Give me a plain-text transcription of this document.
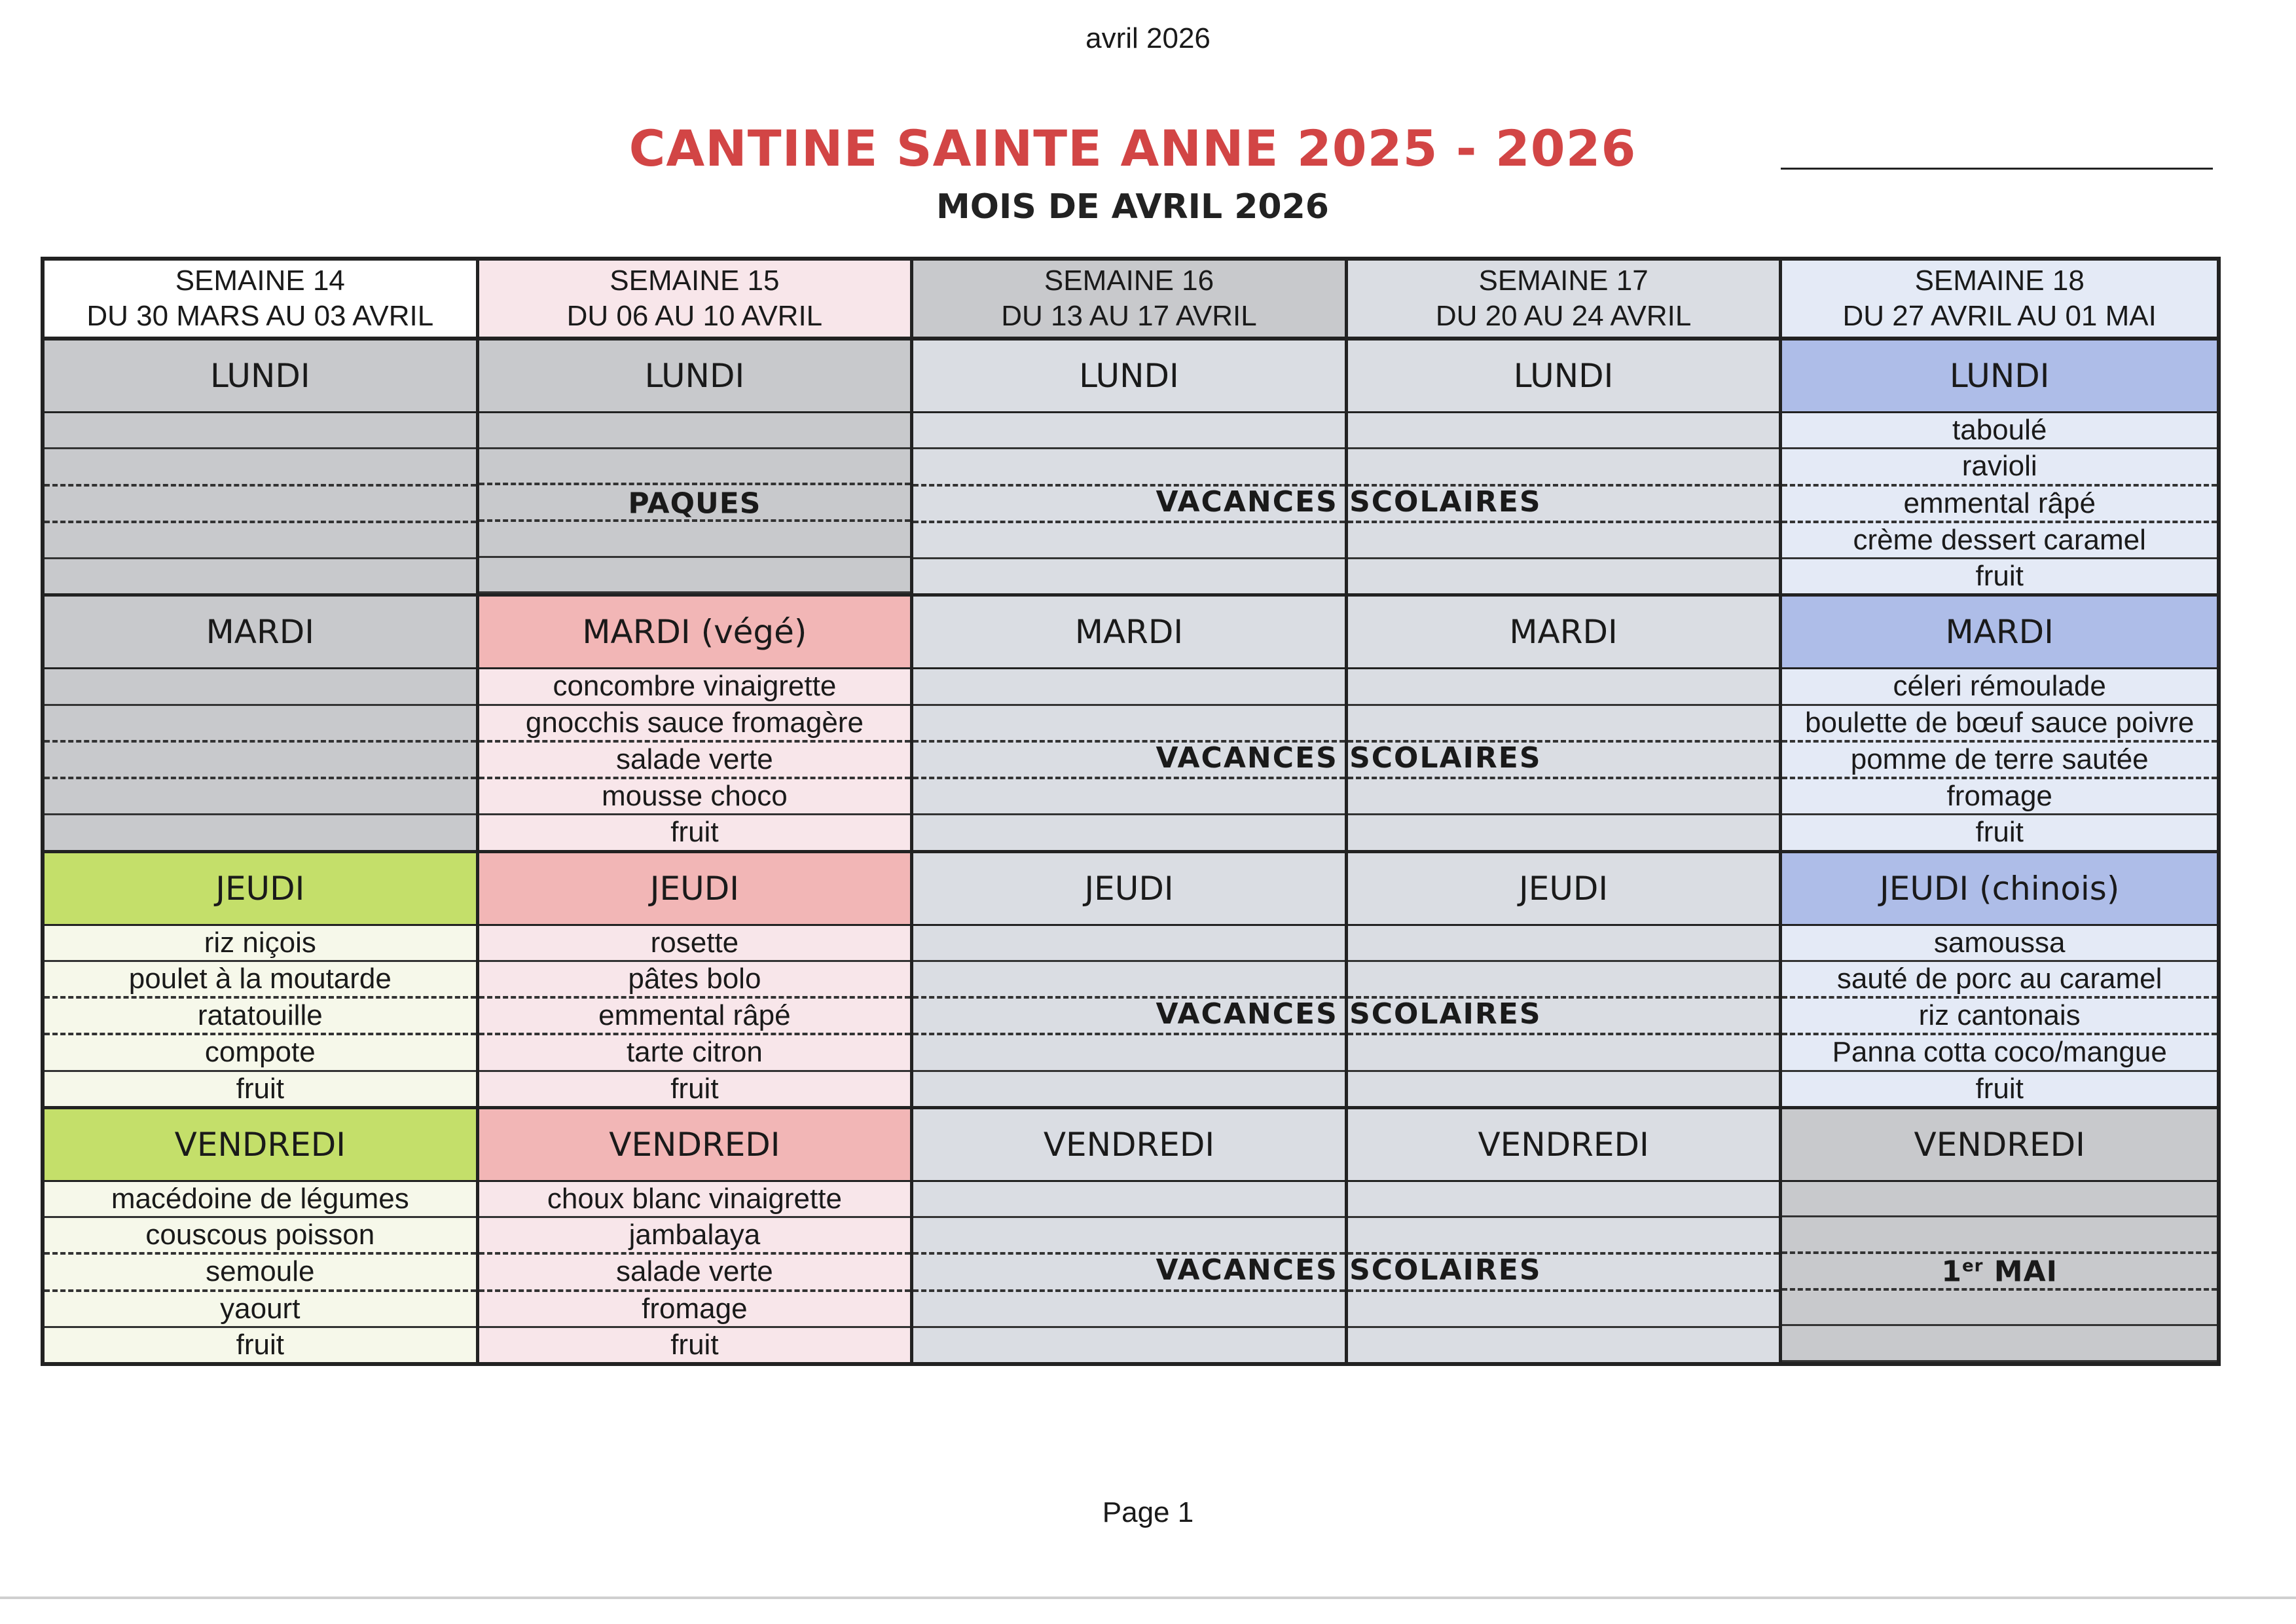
avril 2026
CANTINE SAINTE ANNE 2025 - 2026
MOIS DE AVRIL 2026
SEMAINE 14
DU 30 MARS AU 03 AVRIL
LUNDI
MARDI
JEUDI
riz niçois
poulet à la moutarde
ratatouille
compote
fruit
VENDREDI
macédoine de légumes
couscous poisson
semoule
yaourt
fruit
SEMAINE 15
DU 06 AU 10 AVRIL
LUNDI
PAQUES
MARDI (végé)
concombre vinaigrette
gnocchis sauce fromagère
salade verte
mousse choco
fruit
JEUDI
rosette
pâtes bolo
emmental râpé
tarte citron
fruit
VENDREDI
choux blanc vinaigrette
jambalaya
salade verte
fromage
fruit
SEMAINE 16
DU 13 AU 17 AVRIL
LUNDI
MARDI
JEUDI
VENDREDI
SEMAINE 17
DU 20 AU 24 AVRIL
LUNDI
MARDI
JEUDI
VENDREDI
SEMAINE 18
DU 27 AVRIL AU 01 MAI
LUNDI
taboulé
ravioli
emmental râpé
crème dessert caramel
fruit
MARDI
céleri rémoulade
boulette de bœuf sauce poivre
pomme de terre sautée
fromage
fruit
JEUDI (chinois)
samoussa
sauté de porc au caramel
riz cantonais
Panna cotta coco/mangue
fruit
VENDREDI
1er MAI
Page 1
VACANCES SCOLAIRES
VACANCES SCOLAIRES
VACANCES SCOLAIRES
VACANCES SCOLAIRES
